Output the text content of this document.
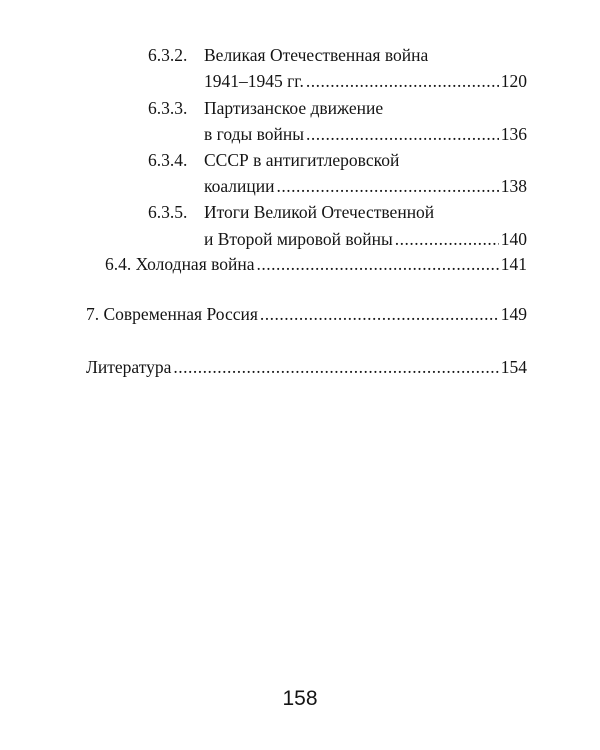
6.3.2. Великая Отечественная война
1941–1945 гг. .....	120
6.3.3. Партизанское движение
в годы войны .....	136
6.3.4. СССР в антигитлеровской
коалиции .....	138
6.3.5. Итоги Великой Отечественной
и Второй мировой войны .....	140
6.4. Холодная война .....	141
7. Современная Россия .....	149
Литература .....	154
158
